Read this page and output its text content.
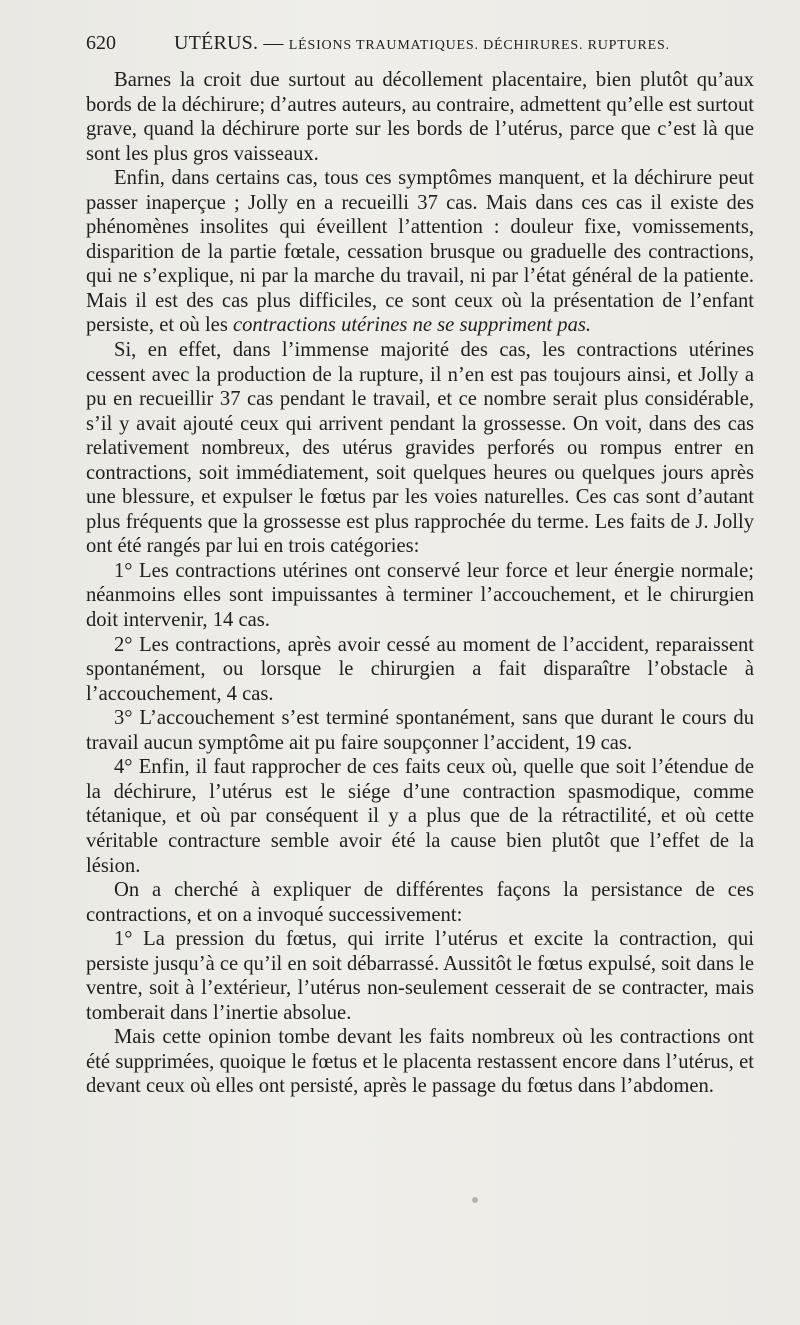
620	UTÉRUS. — LÉSIONS TRAUMATIQUES. DÉCHIRURES. RUPTURES.

Barnes la croit due surtout au décollement placentaire, bien plutôt qu’aux bords de la déchirure; d’autres auteurs, au contraire, admettent qu’elle est surtout grave, quand la déchirure porte sur les bords de l’utérus, parce que c’est là que sont les plus gros vaisseaux.

Enfin, dans certains cas, tous ces symptômes manquent, et la déchirure peut passer inaperçue ; Jolly en a recueilli 37 cas. Mais dans ces cas il existe des phénomènes insolites qui éveillent l’attention : douleur fixe, vomissements, disparition de la partie fœtale, cessation brusque ou graduelle des contractions, qui ne s’explique, ni par la marche du travail, ni par l’état général de la patiente. Mais il est des cas plus difficiles, ce sont ceux où la présentation de l’enfant persiste, et où les contractions utérines ne se suppriment pas.

Si, en effet, dans l’immense majorité des cas, les contractions utérines cessent avec la production de la rupture, il n’en est pas toujours ainsi, et Jolly a pu en recueillir 37 cas pendant le travail, et ce nombre serait plus considérable, s’il y avait ajouté ceux qui arrivent pendant la grossesse. On voit, dans des cas relativement nombreux, des utérus gravides perforés ou rompus entrer en contractions, soit immédiatement, soit quelques heures ou quelques jours après une blessure, et expulser le fœtus par les voies naturelles. Ces cas sont d’autant plus fréquents que la grossesse est plus rapprochée du terme. Les faits de J. Jolly ont été rangés par lui en trois catégories:

1° Les contractions utérines ont conservé leur force et leur énergie normale; néanmoins elles sont impuissantes à terminer l’accouchement, et le chirurgien doit intervenir, 14 cas.

2° Les contractions, après avoir cessé au moment de l’accident, reparaissent spontanément, ou lorsque le chirurgien a fait disparaître l’obstacle à l’accouchement, 4 cas.

3° L’accouchement s’est terminé spontanément, sans que durant le cours du travail aucun symptôme ait pu faire soupçonner l’accident, 19 cas.

4° Enfin, il faut rapprocher de ces faits ceux où, quelle que soit l’étendue de la déchirure, l’utérus est le siége d’une contraction spasmodique, comme tétanique, et où par conséquent il y a plus que de la rétractilité, et où cette véritable contracture semble avoir été la cause bien plutôt que l’effet de la lésion.

On a cherché à expliquer de différentes façons la persistance de ces contractions, et on a invoqué successivement:

1° La pression du fœtus, qui irrite l’utérus et excite la contraction, qui persiste jusqu’à ce qu’il en soit débarrassé. Aussitôt le fœtus expulsé, soit dans le ventre, soit à l’extérieur, l’utérus non-seulement cesserait de se contracter, mais tomberait dans l’inertie absolue.

Mais cette opinion tombe devant les faits nombreux où les contractions ont été supprimées, quoique le fœtus et le placenta restassent encore dans l’utérus, et devant ceux où elles ont persisté, après le passage du fœtus dans l’abdomen.
